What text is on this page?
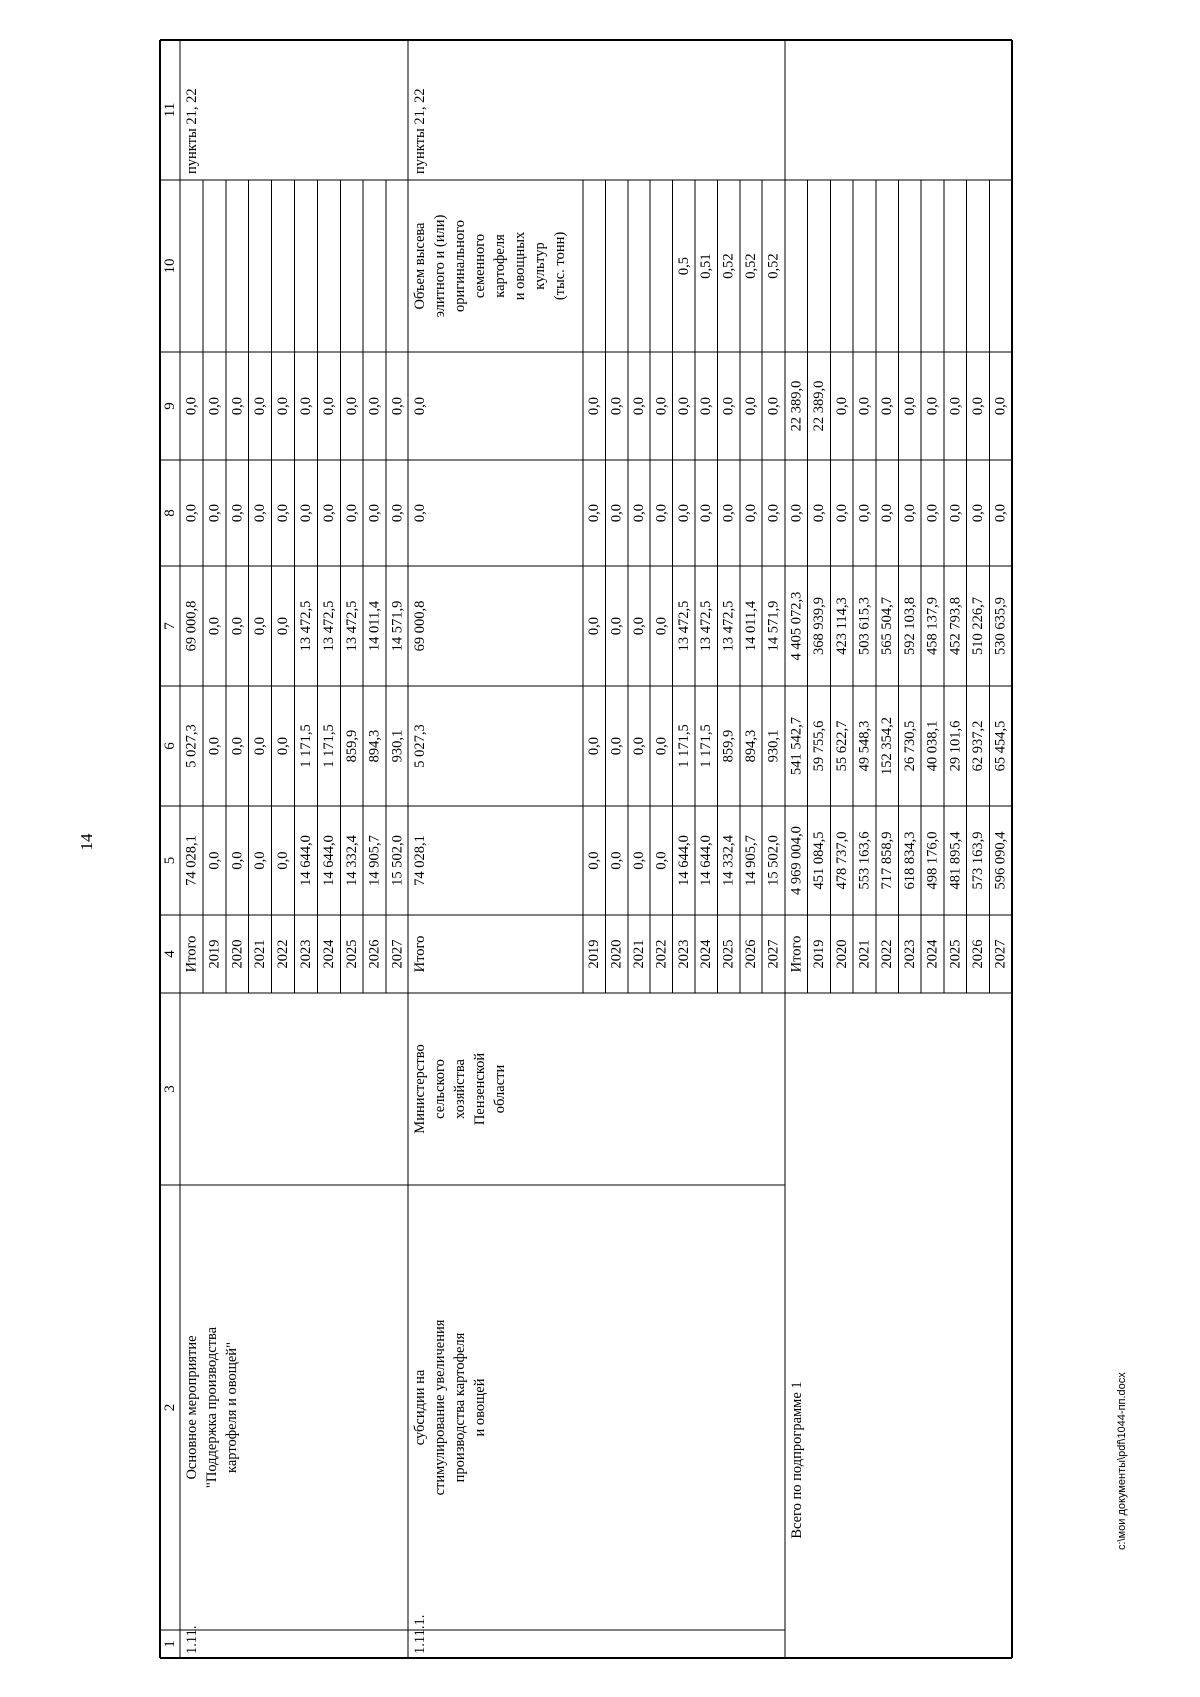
14
1
2
3
4
5
6
7
8
9
10
11
Итого
74 028,1
5 027,3
69 000,8
0,0
0,0
2019
0,0
0,0
0,0
0,0
0,0
2020
0,0
0,0
0,0
0,0
0,0
2021
0,0
0,0
0,0
0,0
0,0
2022
0,0
0,0
0,0
0,0
0,0
2023
14 644,0
1 171,5
13 472,5
0,0
0,0
2024
14 644,0
1 171,5
13 472,5
0,0
0,0
2025
14 332,4
859,9
13 472,5
0,0
0,0
2026
14 905,7
894,3
14 011,4
0,0
0,0
2027
15 502,0
930,1
14 571,9
0,0
0,0
1.11.
Основное мероприятие "Поддержка производства картофеля и овощей"
пункты 21, 22
Итого
74 028,1
5 027,3
69 000,8
0,0
0,0
2019
0,0
0,0
0,0
0,0
0,0
2020
0,0
0,0
0,0
0,0
0,0
2021
0,0
0,0
0,0
0,0
0,0
2022
0,0
0,0
0,0
0,0
0,0
2023
14 644,0
1 171,5
13 472,5
0,0
0,0
0,5
2024
14 644,0
1 171,5
13 472,5
0,0
0,0
0,51
2025
14 332,4
859,9
13 472,5
0,0
0,0
0,52
2026
14 905,7
894,3
14 011,4
0,0
0,0
0,52
2027
15 502,0
930,1
14 571,9
0,0
0,0
0,52
1.11.1.
субсидии на стимулирование увеличения производства картофеля и овощей
Министерство сельского хозяйства Пензенской области
Объем высева элитного и (или) оригинального семенного картофеля и овощных культур (тыс. тонн)
пункты 21, 22
Итого
4 969 004,0
541 542,7
4 405 072,3
0,0
22 389,0
2019
451 084,5
59 755,6
368 939,9
0,0
22 389,0
2020
478 737,0
55 622,7
423 114,3
0,0
0,0
2021
553 163,6
49 548,3
503 615,3
0,0
0,0
2022
717 858,9
152 354,2
565 504,7
0,0
0,0
2023
618 834,3
26 730,5
592 103,8
0,0
0,0
2024
498 176,0
40 038,1
458 137,9
0,0
0,0
2025
481 895,4
29 101,6
452 793,8
0,0
0,0
2026
573 163,9
62 937,2
510 226,7
0,0
0,0
2027
596 090,4
65 454,5
530 635,9
0,0
0,0
Всего по подпрограмме 1	c:\мои документы\pdf\1044-пп.docx
